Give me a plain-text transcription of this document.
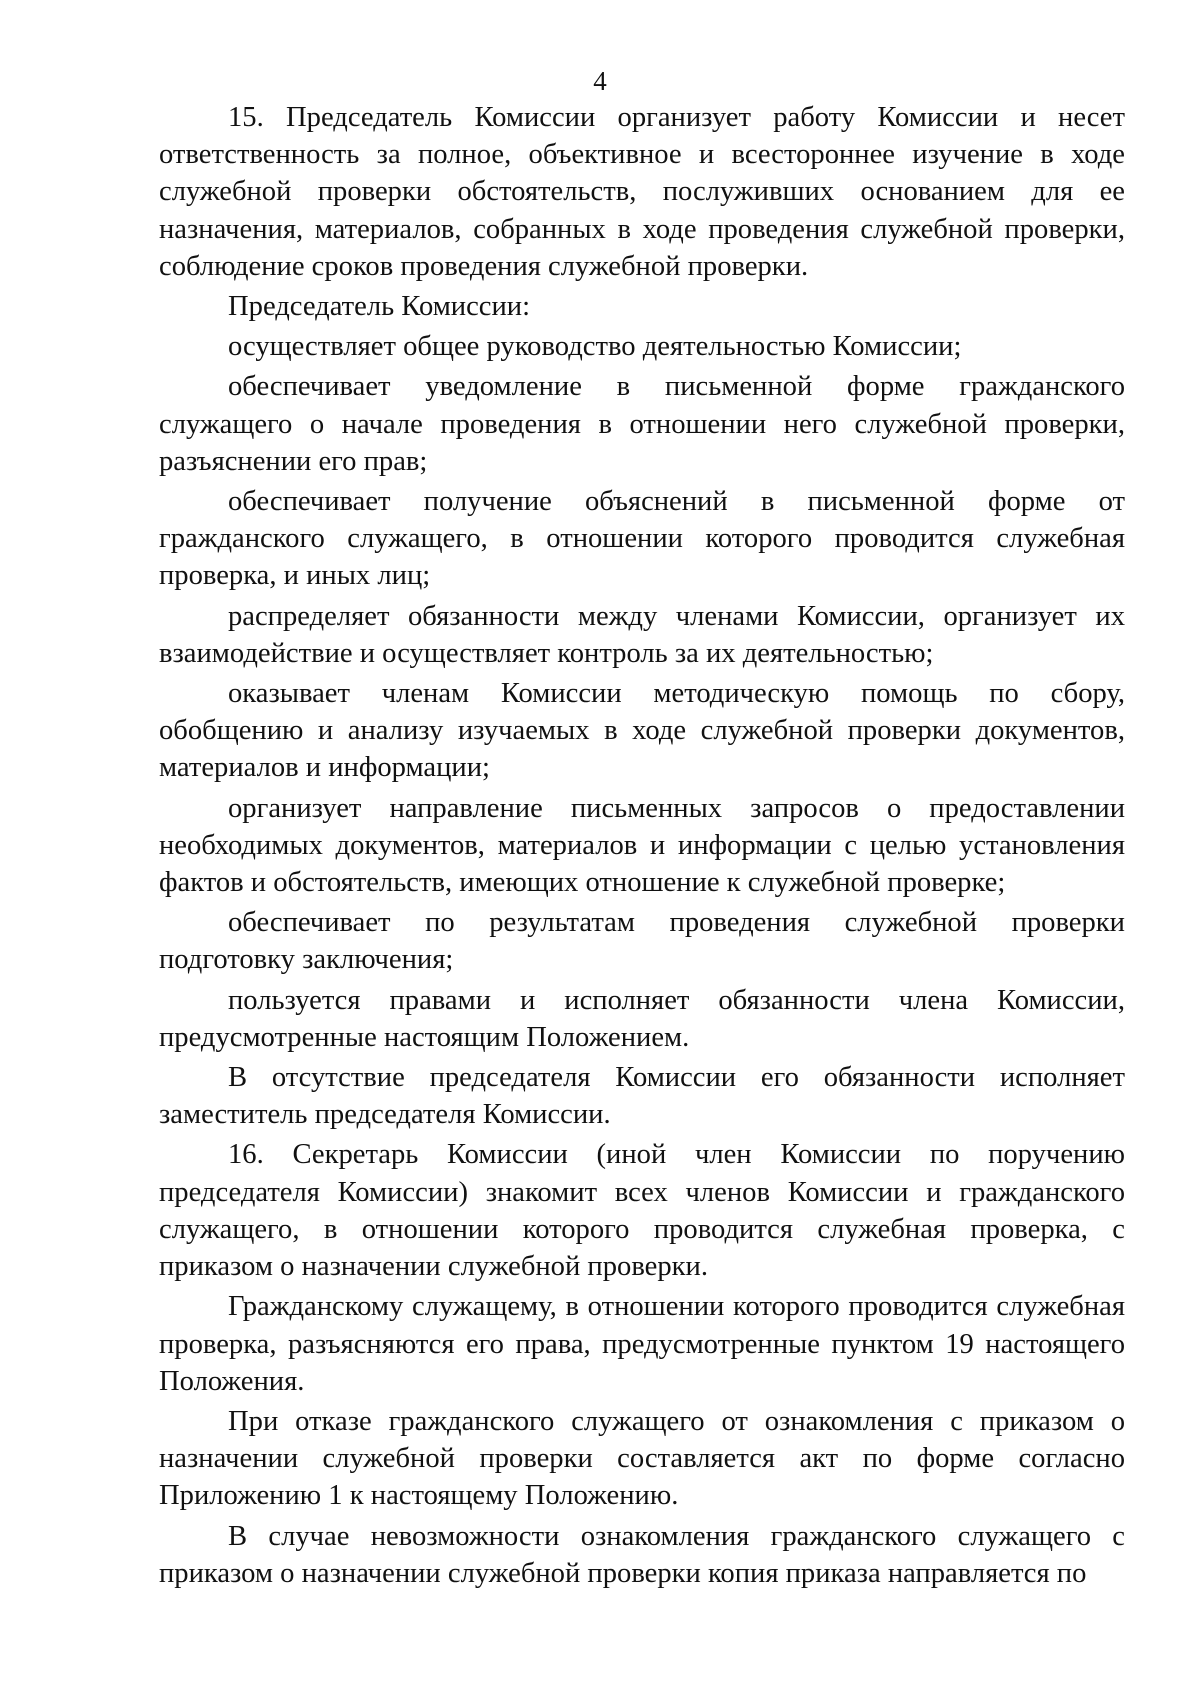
4

15. Председатель Комиссии организует работу Комиссии и несет ответственность за полное, объективное и всестороннее изучение в ходе служебной проверки обстоятельств, послуживших основанием для ее назначения, материалов, собранных в ходе проведения служебной проверки, соблюдение сроков проведения служебной проверки.

Председатель Комиссии:

осуществляет общее руководство деятельностью Комиссии;

обеспечивает уведомление в письменной форме гражданского служащего о начале проведения в отношении него служебной проверки, разъяснении его прав;

обеспечивает получение объяснений в письменной форме от гражданского служащего, в отношении которого проводится служебная проверка, и иных лиц;

распределяет обязанности между членами Комиссии, организует их взаимодействие и осуществляет контроль за их деятельностью;

оказывает членам Комиссии методическую помощь по сбору, обобщению и анализу изучаемых в ходе служебной проверки документов, материалов и информации;

организует направление письменных запросов о предоставлении необходимых документов, материалов и информации с целью установления фактов и обстоятельств, имеющих отношение к служебной проверке;

обеспечивает по результатам проведения служебной проверки подготовку заключения;

пользуется правами и исполняет обязанности члена Комиссии, предусмотренные настоящим Положением.

В отсутствие председателя Комиссии его обязанности исполняет заместитель председателя Комиссии.

16. Секретарь Комиссии (иной член Комиссии по поручению председателя Комиссии) знакомит всех членов Комиссии и гражданского служащего, в отношении которого проводится служебная проверка, с приказом о назначении служебной проверки.

Гражданскому служащему, в отношении которого проводится служебная проверка, разъясняются его права, предусмотренные пунктом 19 настоящего Положения.

При отказе гражданского служащего от ознакомления с приказом о назначении служебной проверки составляется акт по форме согласно Приложению 1 к настоящему Положению.

В случае невозможности ознакомления гражданского служащего с приказом о назначении служебной проверки копия приказа направляется по
